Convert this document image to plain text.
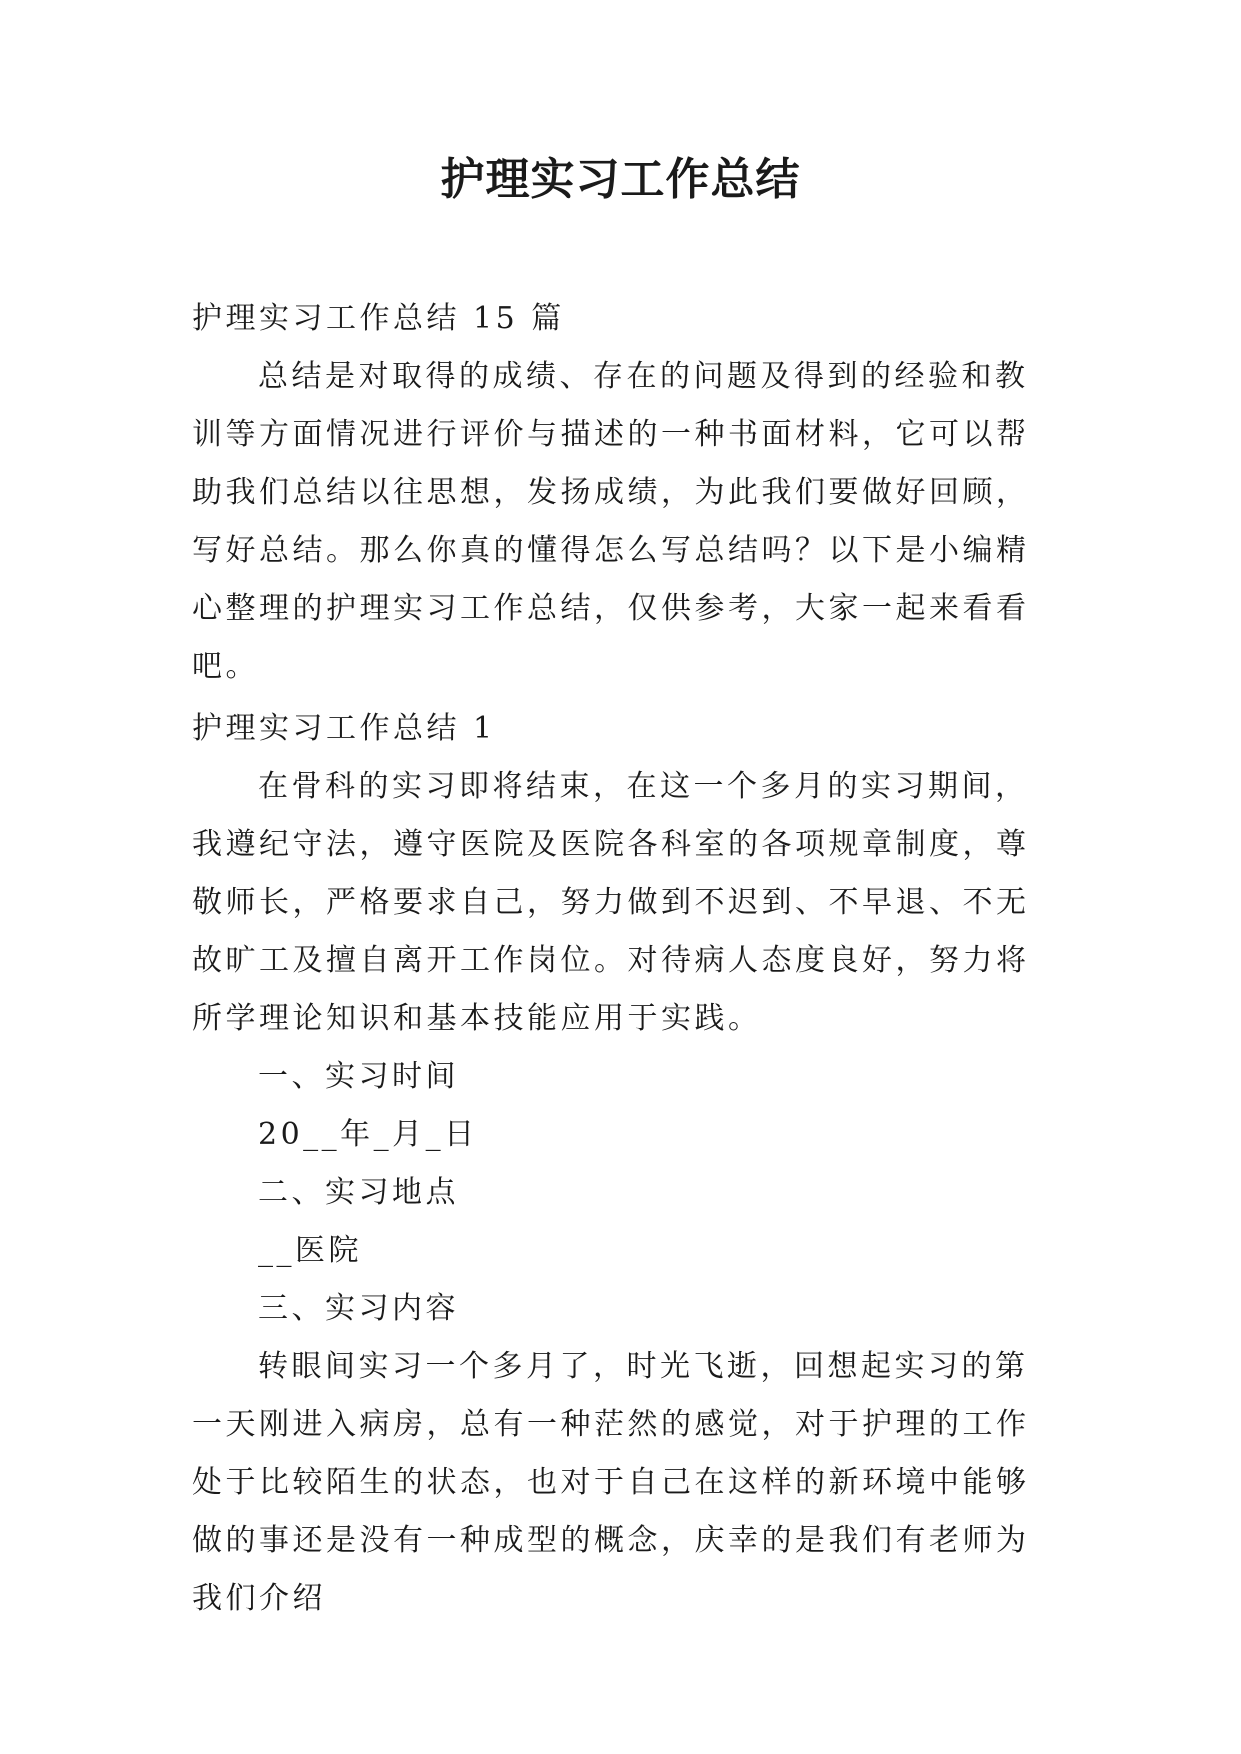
护理实习工作总结

护理实习工作总结 15 篇

总结是对取得的成绩、存在的问题及得到的经验和教训等方面情况进行评价与描述的一种书面材料，它可以帮助我们总结以往思想，发扬成绩，为此我们要做好回顾，写好总结。那么你真的懂得怎么写总结吗？以下是小编精心整理的护理实习工作总结，仅供参考，大家一起来看看吧。

护理实习工作总结 1

在骨科的实习即将结束，在这一个多月的实习期间，我遵纪守法，遵守医院及医院各科室的各项规章制度，尊敬师长，严格要求自己，努力做到不迟到、不早退、不无故旷工及擅自离开工作岗位。对待病人态度良好，努力将所学理论知识和基本技能应用于实践。

一、实习时间

20__年_月_日

二、实习地点

__医院

三、实习内容

转眼间实习一个多月了，时光飞逝，回想起实习的第一天刚进入病房，总有一种茫然的感觉，对于护理的工作处于比较陌生的状态，也对于自己在这样的新环境中能够做的事还是没有一种成型的概念，庆幸的是我们有老师为我们介绍
